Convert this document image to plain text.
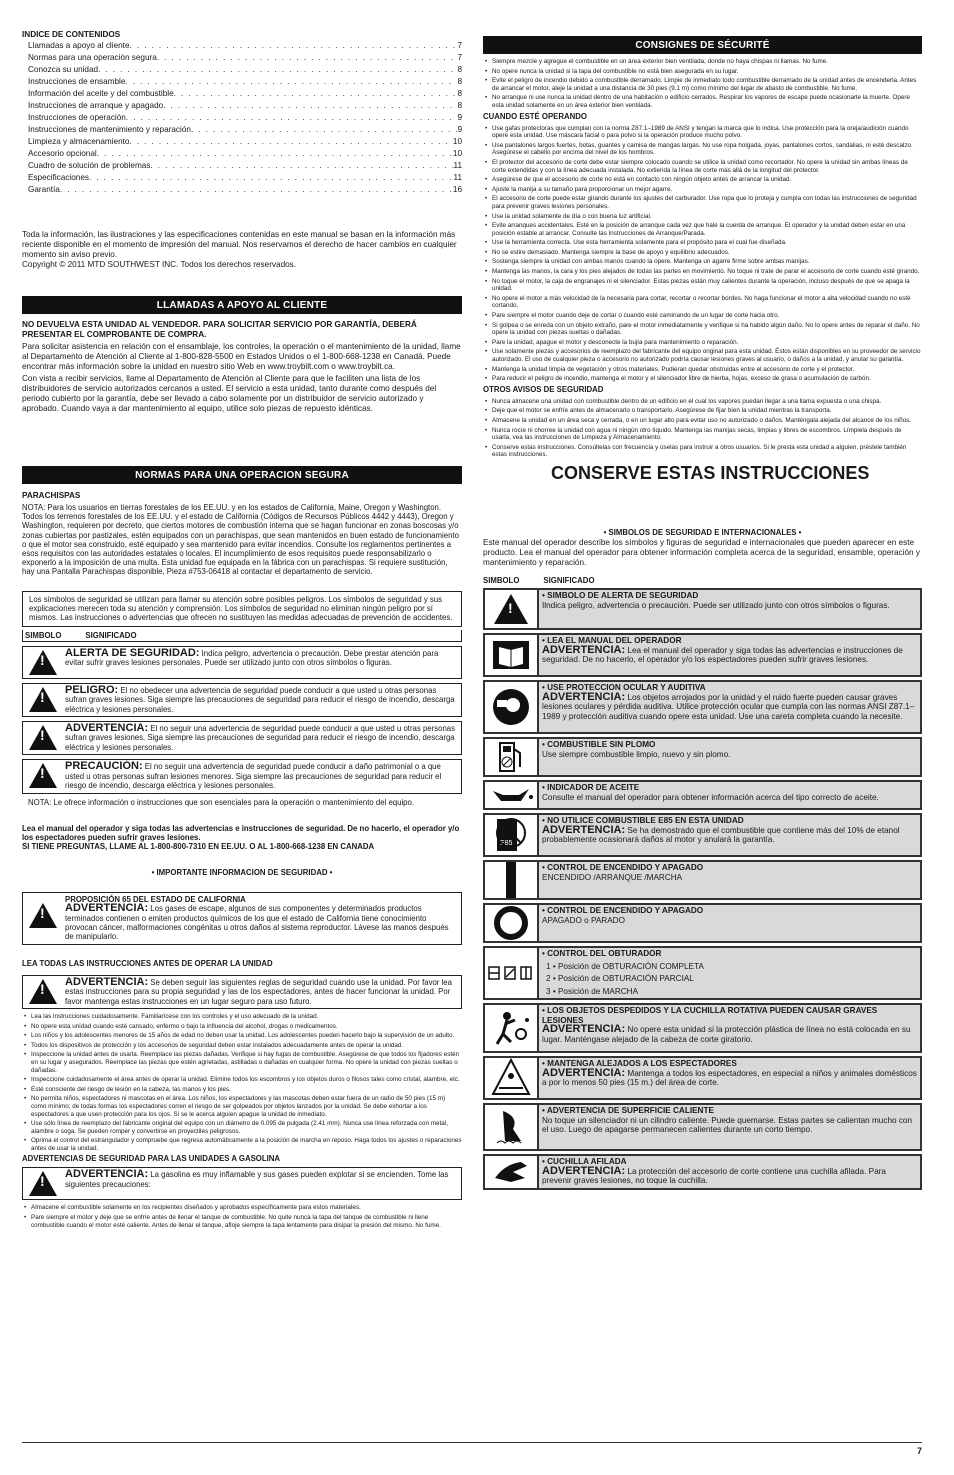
INDICE DE CONTENIDOS
Llamadas a apoyo al cliente . . .	7
Normas para una operación segura . . .	7
Conozca su unidad . . .	8
Instrucciones de ensamble . . .	8
Información del aceite y del combustible . . .	8
Instrucciones de arranque y apagado . . .	8
Instrucciones de operación . . .	9
Instrucciones de mantenimiento y reparación . . .	9
Limpieza y almacenamiento . . .	10
Accesorio opcional . . .	10
Cuadro de solución de problemas . . .	11
Especificaciones . . .	11
Garantía . . .	16

Toda la información, las ilustraciones y las especificaciones contenidas en este manual se basan en la información más reciente disponible en el momento de impresión del manual. Nos reservamos el derecho de hacer cambios en cualquier momento sin aviso previo.

Copyright © 2011 MTD SOUTHWEST INC. Todos los derechos reservados.

LLAMADAS A APOYO AL CLIENTE

NO DEVUELVA ESTA UNIDAD AL VENDEDOR. PARA SOLICITAR SERVICIO POR GARANTÍA, DEBERÁ PRESENTAR EL COMPROBANTE DE COMPRA.

Para solicitar asistencia en relación con el ensamblaje, los controles, la operación o el mantenimiento de la unidad, llame al Departamento de Atención al Cliente al 1-800-828-5500 en Estados Unidos o el 1-800-668-1238 en Canadá. Puede encontrar más información sobre la unidad en nuestro sitio Web en www.troybilt.com o www.troybilt.ca.

Con vista a recibir servicios, llame al Departamento de Atención al Cliente para que le faciliten una lista de los distribuidores de servicio autorizados cercanos a usted. El servicio a esta unidad, tanto durante como después del periodo cubierto por la garantía, debe ser llevado a cabo solamente por un distribuidor de servicio autorizado y aprobado. Cuando vaya a dar mantenimiento al equipo, utilice solo piezas de repuesto idénticas.

NORMAS PARA UNA OPERACION SEGURA

PARACHISPAS

NOTA: Para los usuarios en tierras forestales de los EE.UU. y en los estados de California, Maine, Oregon y Washington. Todos los terrenos forestales de los EE.UU. y el estado de California (Códigos de Recursos Públicos 4442 y 4443), Oregon y Washington, requieren por decreto, que ciertos motores de combustión interna que se hagan funcionar en zonas boscosas y/o zonas cubiertas por pastizales, estén equipados con un parachispas, que sean mantenidos en buen estado de funcionamiento o que el motor sea construido, esté equipado y sea mantenido para evitar incendios. Consulte los reglamentos pertinentes a esos requisitos con las autoridades estatales o locales. El incumplimiento de esos requisitos puede responsabilizarlo o exponerlo a la imposición de una multa. Esta unidad fue equipada en la fábrica con un parachispas. Si requiere sustitución, hay una Pantalla Parachispas disponible, Pieza #753-06418 al contactar el departamento de servicio.

Los símbolos de seguridad se utilizan para llamar su atención sobre posibles peligros. Los símbolos de seguridad y sus explicaciones merecen toda su atención y comprensión. Los símbolos de seguridad no eliminan ningún peligro por sí mismos. Las instrucciones o advertencias que ofrecen no sustituyen las medidas adecuadas de prevención de accidentes.

SIMBOLO	SIGNIFICADO
!
ALERTA DE SEGURIDAD: Indica peligro, advertencia o precaución. Debe prestar atención para evitar sufrir graves lesiones personales. Puede ser utilizado junto con otros símbolos o figuras.
!
PELIGRO: El no obedecer una advertencia de seguridad puede conducir a que usted u otras personas sufran graves lesiones. Siga siempre las precauciones de seguridad para reducir el riesgo de incendio, descarga eléctrica y lesiones personales.
!
ADVERTENCIA: El no seguir una advertencia de seguridad puede conducir a que usted u otras personas sufran graves lesiones. Siga siempre las precauciones de seguridad para reducir el riesgo de incendio, descarga eléctrica y lesiones personales.
!
PRECAUCIÓN: El no seguir una advertencia de seguridad puede conducir a daño patrimonial o a que usted u otras personas sufran lesiones menores. Siga siempre las precauciones de seguridad para reducir el riesgo de incendio, descarga eléctrica y lesiones personales.

NOTA: Le ofrece información o instrucciones que son esenciales para la operación o mantenimiento del equipo.

Lea el manual del operador y siga todas las advertencias e instrucciones de seguridad. De no hacerlo, el operador y/o los espectadores pueden sufrir graves lesiones.

SI TIENE PREGUNTAS, LLAME AL 1-800-800-7310 EN EE.UU. O AL 1-800-668-1238 EN CANADA

• IMPORTANTE INFORMACION DE SEGURIDAD •

!
PROPOSICIÓN 65 DEL ESTADO DE CALIFORNIA
ADVERTENCIA: Los gases de escape, algunos de sus componentes y determinados productos terminados contienen o emiten productos químicos de los que el estado de California tiene conocimiento provocan cáncer, malformaciones congénitas u otros daños al sistema reproductor. Lávese las manos después de manipularlo.

LEA TODAS LAS INSTRUCCIONES ANTES DE OPERAR LA UNIDAD

!
ADVERTENCIA: Se deben seguir las siguientes reglas de seguridad cuando use la unidad. Por favor lea estas instrucciones para su propia seguridad y las de los espectadores, antes de hacer funcionar la unidad. Por favor mantenga estas instrucciones en un lugar seguro para uso futuro.
• Lea las instrucciones cuidadosamente. Familiarícese con los controles y el uso adecuado de la unidad.
• No opere esta unidad cuando esté cansado, enfermo o bajo la influencia del alcohol, drogas o medicamentos.
• Los niños y los adolescentes menores de 15 años de edad no deben usar la unidad. Los adolescentes pueden hacerlo bajo la supervisión de un adulto.
• Todos los dispositivos de protección y los accesorios de seguridad deben estar instalados adecuadamente antes de operar la unidad.
• Inspeccione la unidad antes de usarla. Reemplace las piezas dañadas. Verifique si hay fugas de combustible. Asegúrese de que todos los fijadores estén en su lugar y asegurados. Reemplace las piezas que estén agrietadas, astilladas o dañadas en cualquier forma. No opere la unidad con piezas sueltas o dañadas.
• Inspeccione cuidadosamente el área antes de operar la unidad. Elimine todos los escombros y los objetos duros o filosos tales como cristal, alambre, etc.
• Esté consciente del riesgo de lesión en la cabeza, las manos y los pies.
• No permita niños, espectadores ni mascotas en el área. Los niños, los espectadores y las mascotas deben estar fuera de un radio de 50 pies (15 m) como mínimo; de todas formas los espectadores corren el riesgo de ser golpeados por objetos lanzados por la unidad. Se debe exhortar a los espectadores a que usen protección para los ojos. Si se le acerca alguien apague la unidad de inmediato.
• Use sólo línea de reemplazo del fabricante original del equipo con un diámetro de 0.095 de pulgada (2.41 mm). Nunca use línea reforzada con metal, alambre o soga. Se pueden romper y convertirse en proyectiles peligrosos.
• Oprima el control del estrangulador y compruebe que regresa automáticamente a la posición de marcha en reposo. Haga todos los ajustes o reparaciones antes de usar la unidad.

ADVERTENCIAS DE SEGURIDAD PARA LAS UNIDADES A GASOLINA

!
ADVERTENCIA: La gasolina es muy inflamable y sus gases pueden explotar si se encienden. Tome las siguientes precauciones:
• Almacene el combustible solamente en los recipientes diseñados y aprobados específicamente para estos materiales.
• Pare siempre el motor y deje que se enfríe antes de llenar el tanque de combustible. No quite nunca la tapa del tanque de combustible ni llene combustible cuando el motor esté caliente. Antes de llenar el tanque, afloje siempre la tapa lentamente para disipar la presión del mismo. No fume.
CONSIGNES DE SÉCURITÉ
• Siempre mezcle y agregue el combustible en un área exterior bien ventilada, donde no haya chispas ni llamas. No fume.
• No opere nunca la unidad si la tapa del combustible no está bien asegurada en su lugar.
• Evite el peligro de incendio debido a combustible derramado. Limpie de inmediato todo combustible derramado de la unidad antes de encenderla. Antes de arrancar el motor, aleje la unidad a una distancia de 30 pies (9.1 m) como mínimo del lugar de abasto de combustible. No fume.
• No arranque ni use nunca la unidad dentro de una habitación o edificio cerrados. Respirar los vapores de escape puede ocasionarle la muerte. Opere esta unidad solamente en un área exterior bien ventilada.

CUANDO ESTÉ OPERANDO

• Use gafas protectoras que cumplan con la norma Z87.1–1989 de ANSI y tengan la marca que lo indica. Use protección para la oreja/audición cuando opere esta unidad. Use máscara facial o para polvo si la operación produce mucho polvo.
• Use pantalones largos fuertes, botas, guantes y camisa de mangas largas. No use ropa holgada, joyas, pantalones cortos, sandalias, ni esté descalzo. Asegúrese el cabello por encima del nivel de los hombros.
• El protector del accesorio de corte debe estar siempre colocado cuando se utilice la unidad como recortador. No opere la unidad sin ambas líneas de corte extendidas y con la línea adecuada instalada. No extienda la línea de corte más allá de la longitud del protector.
• Asegúrese de que el accesorio de corte no está en contacto con ningún objeto antes de arrancar la unidad.
• Ajuste la manija a su tamaño para proporcionar un mejor agarre.
• El accesorio de corte puede estar girando durante los ajustes del carburador. Use ropa que lo proteja y cumpla con todas las instrucciones de seguridad para prevenir graves lesiones personales.
• Use la unidad solamente de día o con buena luz artificial.
• Evite arranques accidentales. Esté en la posición de arranque cada vez que hale la cuerda de arranque. El operador y la unidad deben estar en una posición estable al arrancar. Consulte las Instrucciones de Arranque/Parada.
• Use la herramienta correcta. Use esta herramienta solamente para el propósito para el cual fue diseñada.
• No se estire demasiado. Mantenga siempre la base de apoyo y equilibrio adecuados.
• Sostenga siempre la unidad con ambas manos cuando la opere. Mantenga un agarre firme sobre ambas manijas.
• Mantenga las manos, la cara y los pies alejados de todas las partes en movimiento. No toque ni trate de parar el accesorio de corte cuando esté girando.
• No toque el motor, la caja de engranajes ni el silenciador. Estas piezas están muy calientes durante la operación, incluso después de que se apaga la unidad.
• No opere el motor a más velocidad de la necesaria para cortar, recortar o recortar bordes. No haga funcionar el motor a alta velocidad cuando no esté cortando.
• Pare siempre el motor cuando deje de cortar o cuando esté caminando de un lugar de corte hacia otro.
• Si golpea o se enreda con un objeto extraño, pare el motor inmediatamente y verifique si ha habido algún daño. No lo opere antes de reparar el daño. No opere la unidad con piezas sueltas o dañadas.
• Pare la unidad, apague el motor y desconecte la bujía para mantenimiento o reparación.
• Use solamente piezas y accesorios de reemplazo del fabricante del equipo original para esta unidad. Éstos están disponibles en su proveedor de servicio autorizado. El uso de cualquier pieza o accesorio no autorizado podría causar lesiones graves al usuario, o daños a la unidad, y anular su garantía.
• Mantenga la unidad limpia de vegetación y otros materiales. Pudieran quedar obstruidas entre el accesorio de corte y el protector.
• Para reducir el peligro de incendio, mantenga el motor y el silenciador libre de hierba, hojas, exceso de grasa o acumulación de carbón.

OTROS AVISOS DE SEGURIDAD

• Nunca almacene una unidad con combustible dentro de un edificio en el cual los vapores puedan llegar a una llama expuesta o una chispa.
• Deje que el motor se enfríe antes de almacenarlo o transportarlo. Asegúrese de fijar bien la unidad mientras la transporta.
• Almacene la unidad en un área seca y cerrada, o en un lugar alto para evitar uso no autorizado o daños. Manténgala alejada del alcance de los niños.
• Nunca rocíe ni chorree la unidad con agua ni ningún otro líquido. Mantenga las manijas secas, limpias y libres de escombros. Límpiela después de usarla, vea las instrucciones de Limpieza y Almacenamiento.
• Conserve estas instrucciones. Consúltelas con frecuencia y úselas para instruir a otros usuarios. Si le presta esta unidad a alguien, préstele también estas instrucciones.
CONSERVE ESTAS INSTRUCCIONES

• SIMBOLOS DE SEGURIDAD E INTERNACIONALES •

Este manual del operador describe los símbolos y figuras de seguridad e internacionales que pueden aparecer en este producto. Lea el manual del operador para obtener información completa acerca de la seguridad, ensamble, operación y mantenimiento y reparación.

SIMBOLO	SIGNIFICADO
!
• SIMBOLO DE ALERTA DE SEGURIDAD
Ilndica peligro, advertencia o precaución. Puede ser utilizado junto con otros símbolos o figuras.
• LEA EL MANUAL DEL OPERADOR
ADVERTENCIA: Lea el manual del operador y siga todas las advertencias e instrucciones de seguridad. De no hacerlo, el operador y/o los espectadores pueden sufrir graves lesiones.
• USE PROTECCION OCULAR Y AUDITIVA
ADVERTENCIA: Los objetos arrojados por la unidad y el ruido fuerte pueden causar graves lesiones oculares y pérdida auditiva. Utilice protección ocular que cumpla con las normas ANSI Z87.1–1989 y protección auditiva cuando opere esta unidad. Use una careta completa cuando la necesite.
• COMBUSTIBLE SIN PLOMO
Use siempre combustible limpio, nuevo y sin plomo.
• INDICADOR DE ACEITE
Consulte el manual del operador para obtener información acerca del tipo correcto de aceite.
E85
• NO UTILICE COMBUSTIBLE E85 EN ESTA UNIDAD
ADVERTENCIA: Se ha demostrado que el combustible que contiene más del 10% de etanol probablemente ocasionará daños al motor y anulará la garantía.
• CONTROL DE ENCENDIDO Y APAGADO
ENCENDIDO /ARRANQUE /MARCHA
• CONTROL DE ENCENDIDO Y APAGADO
APAGADO o PARADO
• CONTROL DEL OBTURADOR
1 • Posición de OBTURACIÓN COMPLETA
2 • Posición de OBTURACIÓN PARCIAL
3 • Posición de MARCHA
• LOS OBJETOS DESPEDIDOS Y LA CUCHILLA ROTATIVA PUEDEN CAUSAR GRAVES LESIONES
ADVERTENCIA: No opere esta unidad si la protección plástica de línea no está colocada en su lugar. Manténgase alejado de la cabeza de corte giratorio.
• MANTENGA ALEJADOS A LOS ESPECTADORES
ADVERTENCIA: Mantenga a todos los espectadores, en especial a niños y animales domésticos a por lo menos 50 pies (15 m.) del área de corte.
• ADVERTENCIA DE SUPERFICIE CALIENTE
No toque un silenciador ni un cilindro caliente. Puede quemarse. Estas partes se calientan mucho con el uso. Luego de apagarse permanecen calientes durante un corto tiempo.
• CUCHILLA AFILADA
ADVERTENCIA: La protección del accesorio de corte contiene una cuchilla afilada. Para prevenir graves lesiones, no toque la cuchilla.
7
